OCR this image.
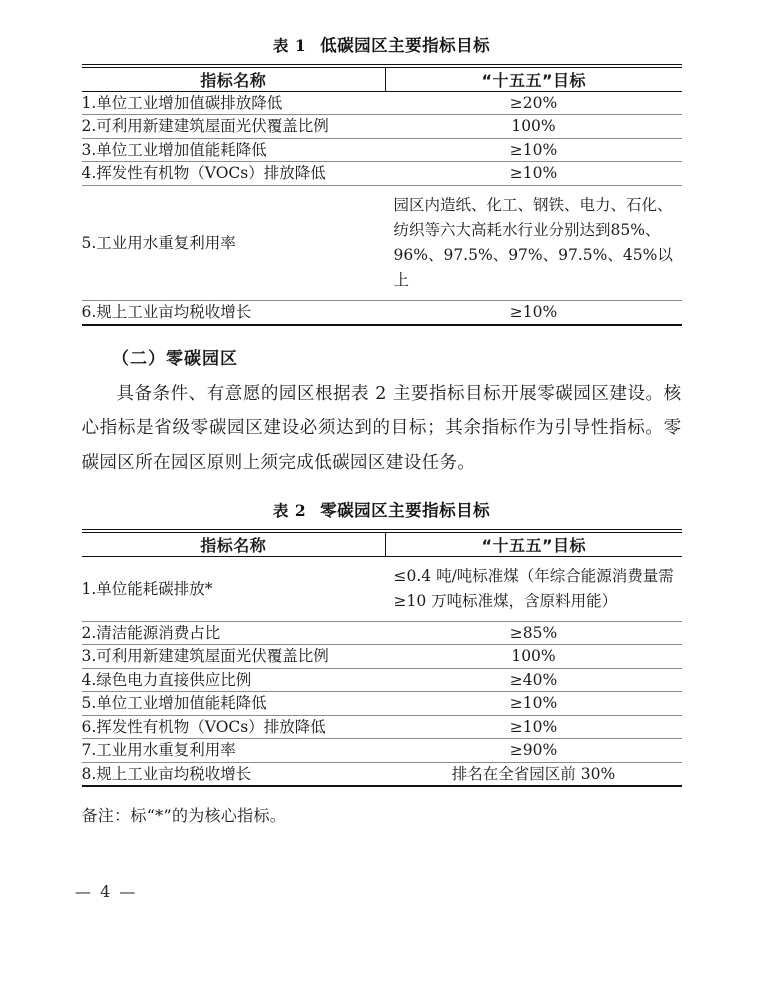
表 1 低碳园区主要指标目标
指标名称	“十五五”目标
1.单位工业增加值碳排放降低	≥20%
2.可利用新建建筑屋面光伏覆盖比例	100%
3.单位工业增加值能耗降低	≥10%
4.挥发性有机物（VOCs）排放降低	≥10%
5.工业用水重复利用率	园区内造纸、化工、钢铁、电力、石化、纺织等六大高耗水行业分别达到85%、96%、97.5%、97%、97.5%、45%以上
6.规上工业亩均税收增长	≥10%
（二）零碳园区

具备条件、有意愿的园区根据表 2 主要指标目标开展零碳园区建设。核心指标是省级零碳园区建设必须达到的目标；其余指标作为引导性指标。零碳园区所在园区原则上须完成低碳园区建设任务。

表 2 零碳园区主要指标目标
指标名称	“十五五”目标
1.单位能耗碳排放*	≤0.4 吨/吨标准煤（年综合能源消费量需≥10 万吨标准煤，含原料用能）
2.清洁能源消费占比	≥85%
3.可利用新建建筑屋面光伏覆盖比例	100%
4.绿色电力直接供应比例	≥40%
5.单位工业增加值能耗降低	≥10%
6.挥发性有机物（VOCs）排放降低	≥10%
7.工业用水重复利用率	≥90%
8.规上工业亩均税收增长	排名在全省园区前 30%
备注：标“*”的为核心指标。
— 4 —
